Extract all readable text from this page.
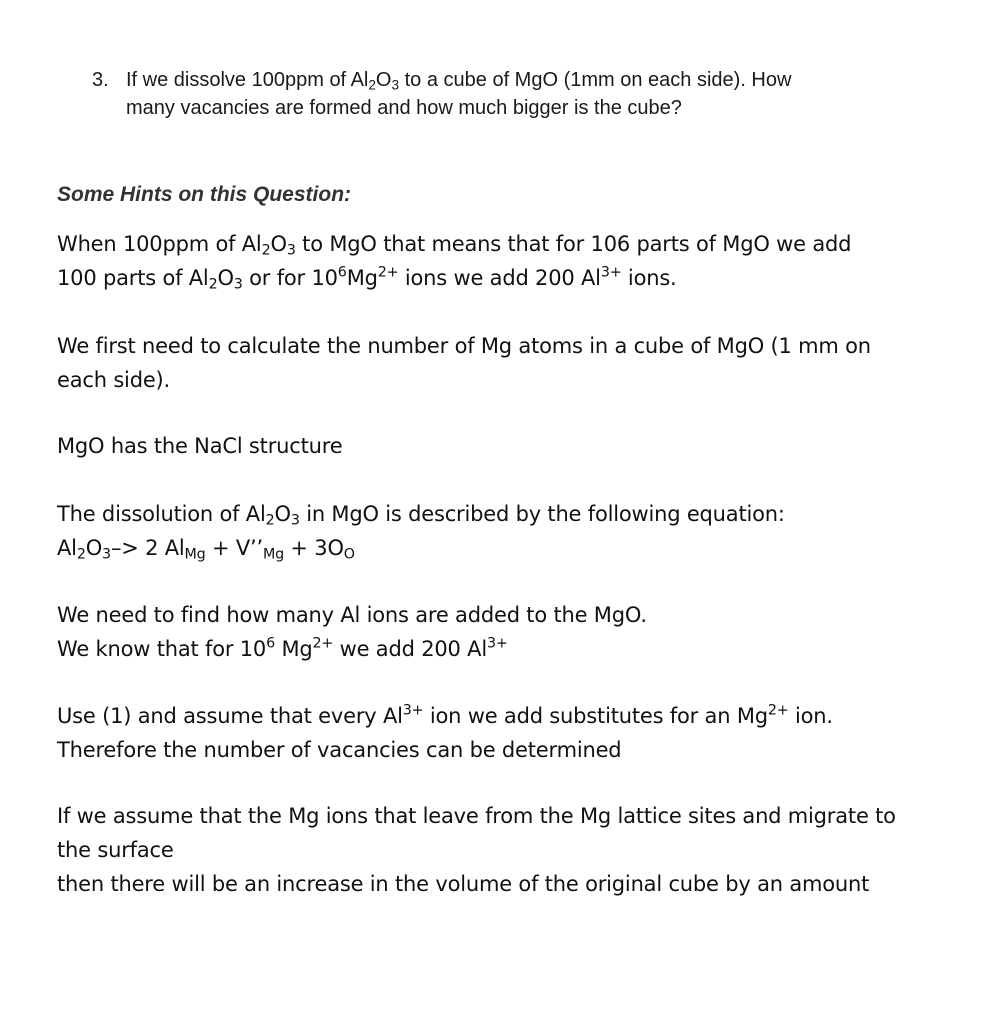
3. If we dissolve 100ppm of $Al_2O_3$ to a cube of MgO (1mm on each side). How
many vacancies are formed and how much bigger is the cube?
Some Hints on this Question:
When 100ppm of $Al_2O_3$ to MgO that means that for 106 parts of MgO we add
100 parts of $Al_2O_3$ or for $10^6Mg^{2+}$ ions we add 200 $Al^{3+}$ ions.
We first need to calculate the number of Mg atoms in a cube of MgO (1 mm on
each side).
MgO has the NaCl structure
The dissolution of $Al_2O_3$ in MgO is described by the following equation:
$Al_2O_3-> 2$ $Al_{Mg}$ + $V’’_{Mg} + 3O_O$
We need to find how many Al ions are added to the MgO.
We know that for $10^6$ $Mg^{2+}$ we add 200 $Al^{3+}$
Use (1) and assume that every $Al^{3+}$ ion we add substitutes for an $Mg^{2+}$ ion.
Therefore the number of vacancies can be determined
If we assume that the Mg ions that leave from the Mg lattice sites and migrate to
the surface
then there will be an increase in the volume of the original cube by an amount
